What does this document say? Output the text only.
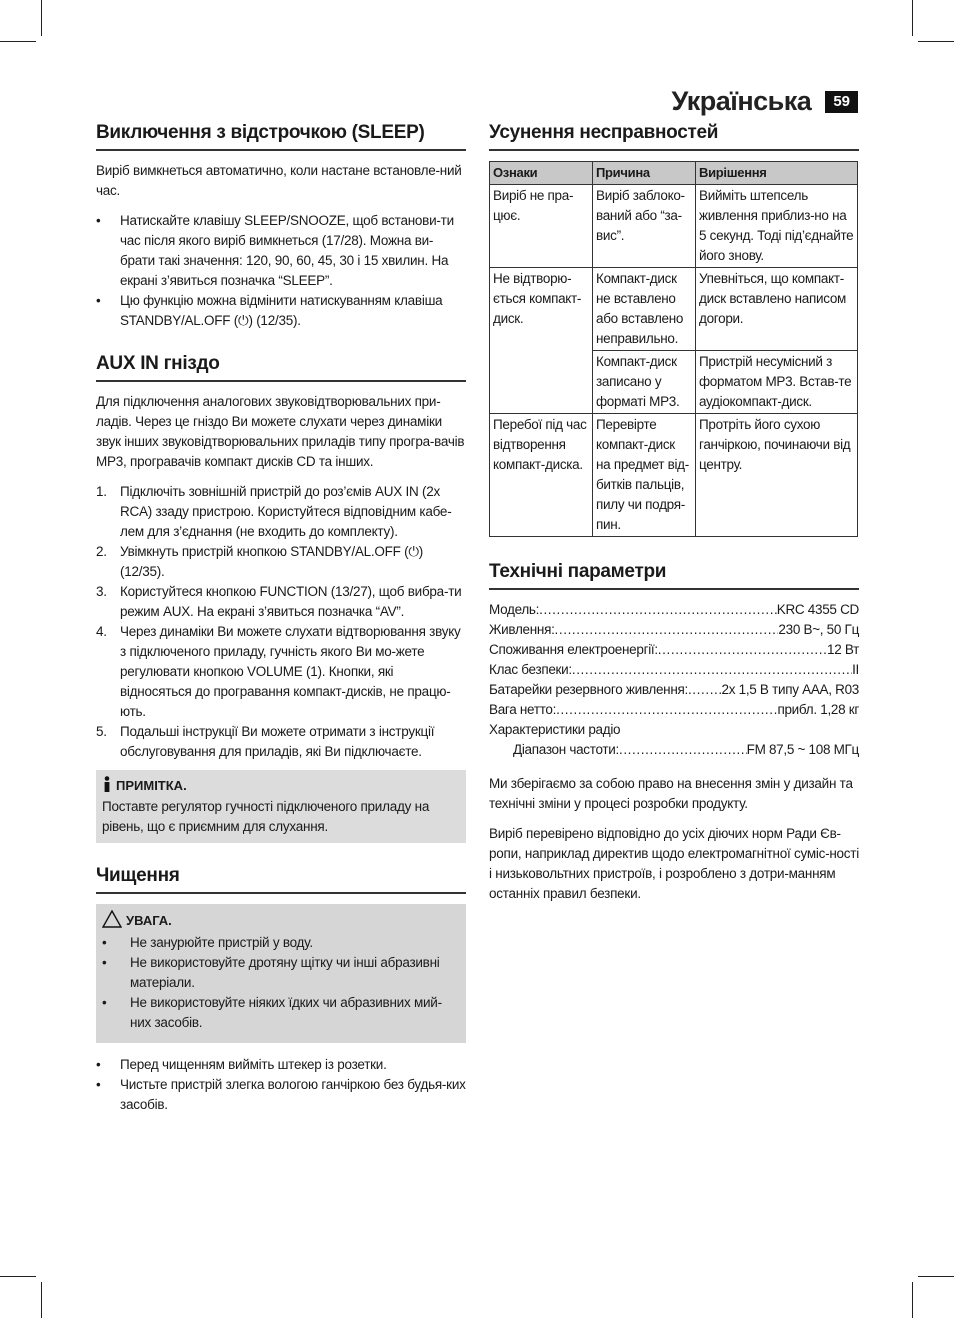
Українська	59
Виключення з відстрочкою (SLEEP)

Виріб вимкнеться автоматично, коли настане встановле-ний час.

• Натискайте клавішу SLEEP/SNOOZE, щоб встанови-ти час після якого виріб вимкнеться (17/28). Можна ви-брати такі значення: 120, 90, 60, 45, 30 і 15 хвилин. На екрані з’явиться позначка “SLEEP”.
• Цю функцію можна відмінити натискуванням клавіша STANDBY/AL.OFF (⏻) (12/35).
AUX IN гніздо

Для підключення аналогових звуковідтворювальних при-ладів. Через це гніздо Ви можете слухати через динаміки звук інших звуковідтворювальних приладів типу програ-вачів MP3, програвачів компакт дисків CD та інших.

1. Підключіть зовнішній пристрій до роз’ємів AUX IN (2x RCA) ззаду пристрою. Користуйтеся відповідним кабе-лем для з’єднання (не входить до комплекту).
2. Увімкнуть пристрій кнопкою STANDBY/AL.OFF (⏻) (12/35).
3. Користуйтеся кнопкою FUNCTION (13/27), щоб вибра-ти режим AUX. На екрані з’явиться позначка “AV”.
4. Через динаміки Ви можете слухати відтворювання звуку з підключеного приладу, гучність якого Ви мо-жете регулювати кнопкою VOLUME (1). Кнопки, які відносяться до програвання компакт-дисків, не працю-ють.
5. Подальші інструкції Ви можете отримати з інструкції обслуговування для приладів, які Ви підключаєте.
ПРИМІТКА.

Поставте регулятор гучності підключеного приладу на рівень, що є приємним для слухання.

Чищення
УВАГА.
• Не занурюйте пристрій у воду.
• Не використовуйте дротяну щітку чи інші абразивні матеріали.
• Не використовуйте ніяких їдких чи абразивних мий-них засобів.
• Перед чищенням вийміть штекер із розетки.
• Чистьте пристрій злегка вологою ганчіркою без будья-ких засобів.
Усунення несправностей
Ознаки	Причина	Вирішення
Виріб не пра-цює.	Виріб заблоко-ваний або “за-вис”.	Вийміть штепсель живлення приблиз-но на 5 секунд. Тоді під’єднайте його знову.
Не відтворю-ється компакт-диск.	Компакт-диск не вставлено або вставлено неправильно.	Упевніться, що компакт-диск вставлено написом догори.
	Компакт-диск записано у форматі MP3.	Пристрій несумісний з форматом MP3. Встав-те аудіокомпакт-диск.
Перебої під час відтворення компакт-диска.	Перевірте компакт-диск на предмет від-битків пальців, пилу чи подря-пин.	Протріть його сухою ганчіркою, починаючи від центру.
Технічні параметри
Модель: .....	KRC 4355 CD
Живлення: .....	230 В~, 50 Гц
Споживання електроенергії: .....	12 Вт
Клас безпеки: .....	II
Батарейки резервного живлення: ..... 2x 1,5 В типу AAA, R03
Вага нетто: .....	прибл. 1,28 кг
Характеристики радіо
Діапазон частоти: .....	FM 87,5 ~ 108 МГц

Ми зберігаємо за собою право на внесення змін у дизайн та технічні зміни у процесі розробки продукту.

Виріб перевірено відповідно до усіх діючих норм Ради Єв-ропи, наприклад директив щодо електромагнітної суміс-ності і низьковольтних пристроїв, і розроблено з дотри-манням останніх правил безпеки.
